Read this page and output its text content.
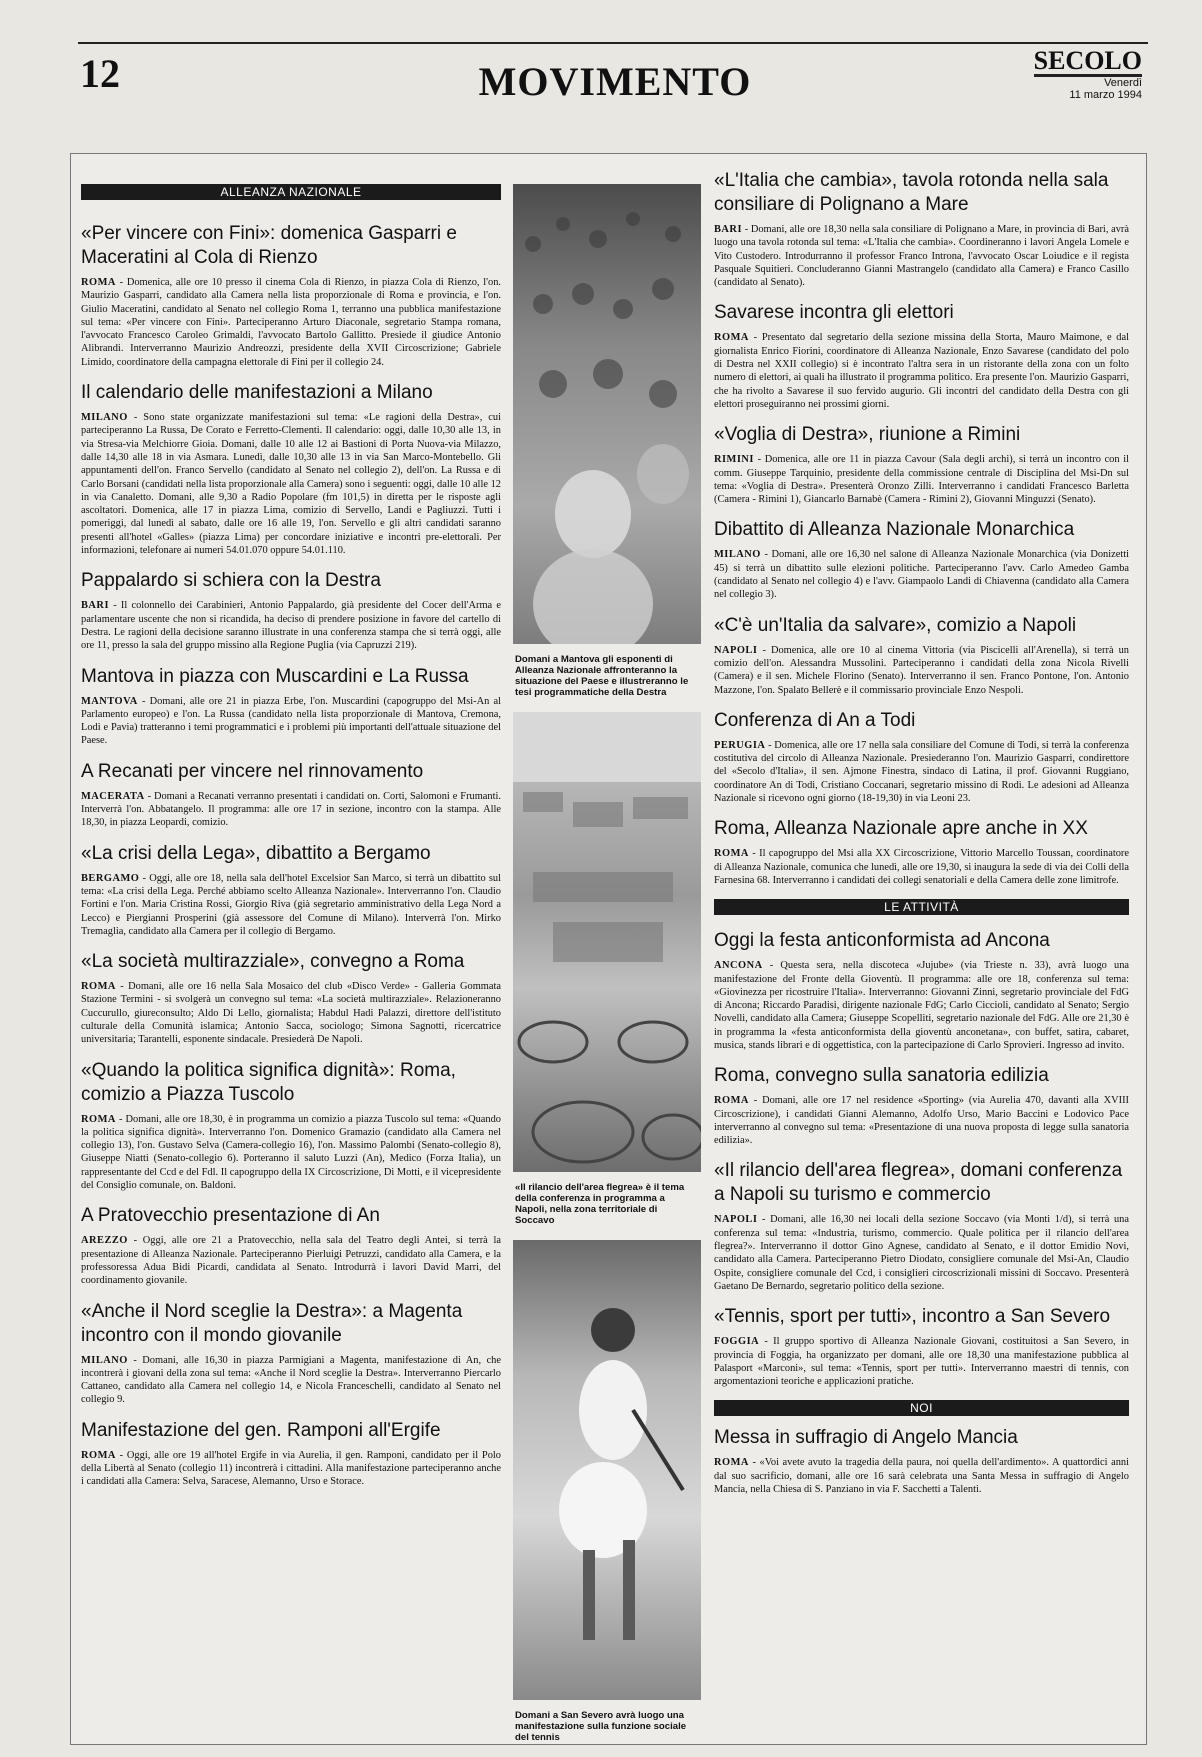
12	MOVIMENTO	SECOLO
Venerdì
11 marzo 1994
ALLEANZA NAZIONALE
«Per vincere con Fini»: domenica Gasparri e Maceratini al Cola di Rienzo

ROMA - Domenica, alle ore 10 presso il cinema Cola di Rienzo, in piazza Cola di Rienzo, l'on. Maurizio Gasparri, candidato alla Camera nella lista proporzionale di Roma e provincia, e l'on. Giulio Maceratini, candidato al Senato nel collegio Roma 1, terranno una pubblica manifestazione sul tema: «Per vincere con Fini». Parteciperanno Arturo Diaconale, segretario Stampa romana, l'avvocato Francesco Caroleo Grimaldi, l'avvocato Bartolo Gallitto. Presiede il giudice Antonio Alibrandi. Interverranno Maurizio Andreozzi, presidente della XVII Circoscrizione; Gabriele Limido, coordinatore della campagna elettorale di Fini per il collegio 24.

Il calendario delle manifestazioni a Milano

MILANO - Sono state organizzate manifestazioni sul tema: «Le ragioni della Destra», cui parteciperanno La Russa, De Corato e Ferretto-Clementi. Il calendario: oggi, dalle 10,30 alle 13, in via Stresa-via Melchiorre Gioia. Domani, dalle 10 alle 12 ai Bastioni di Porta Nuova-via Milazzo, dalle 14,30 alle 18 in via Asmara. Lunedì, dalle 10,30 alle 13 in via San Marco-Montebello. Gli appuntamenti dell'on. Franco Servello (candidato al Senato nel collegio 2), dell'on. La Russa e di Carlo Borsani (candidati nella lista proporzionale alla Camera) sono i seguenti: oggi, dalle 10 alle 12 in via Canaletto. Domani, alle 9,30 a Radio Popolare (fm 101,5) in diretta per le risposte agli ascoltatori. Domenica, alle 17 in piazza Lima, comizio di Servello, Landi e Pagliuzzi. Tutti i pomeriggi, dal lunedì al sabato, dalle ore 16 alle 19, l'on. Servello e gli altri candidati saranno presenti all'hotel «Galles» (piazza Lima) per concordare iniziative e incontri pre-elettorali. Per informazioni, telefonare ai numeri 54.01.070 oppure 54.01.110.

Pappalardo si schiera con la Destra

BARI - Il colonnello dei Carabinieri, Antonio Pappalardo, già presidente del Cocer dell'Arma e parlamentare uscente che non si ricandida, ha deciso di prendere posizione in favore del cartello di Destra. Le ragioni della decisione saranno illustrate in una conferenza stampa che si terrà oggi, alle ore 11, presso la sala del gruppo missino alla Regione Puglia (via Capruzzi 219).

Mantova in piazza con Muscardini e La Russa

MANTOVA - Domani, alle ore 21 in piazza Erbe, l'on. Muscardini (capogruppo del Msi-An al Parlamento europeo) e l'on. La Russa (candidato nella lista proporzionale di Mantova, Cremona, Lodi e Pavia) tratteranno i temi programmatici e i problemi più importanti dell'attuale situazione del Paese.

A Recanati per vincere nel rinnovamento

MACERATA - Domani a Recanati verranno presentati i candidati on. Corti, Salomoni e Frumanti. Interverrà l'on. Abbatangelo. Il programma: alle ore 17 in sezione, incontro con la stampa. Alle 18,30, in piazza Leopardi, comizio.

«La crisi della Lega», dibattito a Bergamo

BERGAMO - Oggi, alle ore 18, nella sala dell'hotel Excelsior San Marco, si terrà un dibattito sul tema: «La crisi della Lega. Perché abbiamo scelto Alleanza Nazionale». Interverranno l'on. Claudio Fortini e l'on. Maria Cristina Rossi, Giorgio Riva (già segretario amministrativo della Lega Nord a Lecco) e Piergianni Prosperini (già assessore del Comune di Milano). Interverrà l'on. Mirko Tremaglia, candidato alla Camera per il collegio di Bergamo.

«La società multirazziale», convegno a Roma

ROMA - Domani, alle ore 16 nella Sala Mosaico del club «Disco Verde» - Galleria Gommata Stazione Termini - si svolgerà un convegno sul tema: «La società multirazziale». Relazioneranno Cuccurullo, giureconsulto; Aldo Di Lello, giornalista; Habdul Hadi Palazzi, direttore dell'istituto culturale della Comunità islamica; Antonio Sacca, sociologo; Simona Sagnotti, ricercatrice universitaria; Tarantelli, esponente sindacale. Presiederà De Napoli.

«Quando la politica significa dignità»: Roma, comizio a Piazza Tuscolo

ROMA - Domani, alle ore 18,30, è in programma un comizio a piazza Tuscolo sul tema: «Quando la politica significa dignità». Interverranno l'on. Domenico Gramazio (candidato alla Camera nel collegio 13), l'on. Gustavo Selva (Camera-collegio 16), l'on. Massimo Palombi (Senato-collegio 8), Giuseppe Niatti (Senato-collegio 6). Porteranno il saluto Luzzi (An), Medico (Forza Italia), un rappresentante del Ccd e del Fdl. Il capogruppo della IX Circoscrizione, Di Motti, e il vicepresidente del Consiglio comunale, on. Baldoni.

A Pratovecchio presentazione di An

AREZZO - Oggi, alle ore 21 a Pratovecchio, nella sala del Teatro degli Antei, si terrà la presentazione di Alleanza Nazionale. Parteciperanno Pierluigi Petruzzi, candidato alla Camera, e la professoressa Adua Bidi Picardi, candidata al Senato. Introdurrà i lavori David Marri, del coordinamento giovanile.

«Anche il Nord sceglie la Destra»: a Magenta incontro con il mondo giovanile

MILANO - Domani, alle 16,30 in piazza Parmigiani a Magenta, manifestazione di An, che incontrerà i giovani della zona sul tema: «Anche il Nord sceglie la Destra». Interverranno Piercarlo Cattaneo, candidato alla Camera nel collegio 14, e Nicola Franceschelli, candidato al Senato nel collegio 9.

Manifestazione del gen. Ramponi all'Ergife

ROMA - Oggi, alle ore 19 all'hotel Ergife in via Aurelia, il gen. Ramponi, candidato per il Polo della Libertà al Senato (collegio 11) incontrerà i cittadini. Alla manifestazione parteciperanno anche i candidati alla Camera: Selva, Saracese, Alemanno, Urso e Storace.

Domani a Mantova gli esponenti di Alleanza Nazionale affronteranno la situazione del Paese e illustreranno le tesi programmatiche della Destra
«Il rilancio dell'area flegrea» è il tema della conferenza in programma a Napoli, nella zona territoriale di Soccavo
Domani a San Severo avrà luogo una manifestazione sulla funzione sociale del tennis
«L'Italia che cambia», tavola rotonda nella sala consiliare di Polignano a Mare

BARI - Domani, alle ore 18,30 nella sala consiliare di Polignano a Mare, in provincia di Bari, avrà luogo una tavola rotonda sul tema: «L'Italia che cambia». Coordineranno i lavori Angela Lomele e Vito Custodero. Introdurranno il professor Franco Introna, l'avvocato Oscar Loiudice e il regista Pasquale Squitieri. Concluderanno Gianni Mastrangelo (candidato alla Camera) e Franco Casillo (candidato al Senato).

Savarese incontra gli elettori

ROMA - Presentato dal segretario della sezione missina della Storta, Mauro Maimone, e dal giornalista Enrico Fiorini, coordinatore di Alleanza Nazionale, Enzo Savarese (candidato del polo di Destra nel XXII collegio) si è incontrato l'altra sera in un ristorante della zona con un folto numero di elettori, ai quali ha illustrato il programma politico. Era presente l'on. Maurizio Gasparri, che ha rivolto a Savarese il suo fervido augurio. Gli incontri del candidato della Destra con gli elettori proseguiranno nei prossimi giorni.

«Voglia di Destra», riunione a Rimini

RIMINI - Domenica, alle ore 11 in piazza Cavour (Sala degli archi), si terrà un incontro con il comm. Giuseppe Tarquinio, presidente della commissione centrale di Disciplina del Msi-Dn sul tema: «Voglia di Destra». Presenterà Oronzo Zilli. Interverranno i candidati Francesco Barletta (Camera - Rimini 1), Giancarlo Barnabè (Camera - Rimini 2), Giovanni Minguzzi (Senato).

Dibattito di Alleanza Nazionale Monarchica

MILANO - Domani, alle ore 16,30 nel salone di Alleanza Nazionale Monarchica (via Donizetti 45) si terrà un dibattito sulle elezioni politiche. Parteciperanno l'avv. Carlo Amedeo Gamba (candidato al Senato nel collegio 4) e l'avv. Giampaolo Landi di Chiavenna (candidato alla Camera nel collegio 3).

«C'è un'Italia da salvare», comizio a Napoli

NAPOLI - Domenica, alle ore 10 al cinema Vittoria (via Piscicelli all'Arenella), si terrà un comizio dell'on. Alessandra Mussolini. Parteciperanno i candidati della zona Nicola Rivelli (Camera) e il sen. Michele Florino (Senato). Interverranno il sen. Franco Pontone, l'on. Antonio Mazzone, l'on. Spalato Bellerè e il commissario provinciale Enzo Nespoli.

Conferenza di An a Todi

PERUGIA - Domenica, alle ore 17 nella sala consiliare del Comune di Todi, si terrà la conferenza costitutiva del circolo di Alleanza Nazionale. Presiederanno l'on. Maurizio Gasparri, condirettore del «Secolo d'Italia», il sen. Ajmone Finestra, sindaco di Latina, il prof. Giovanni Ruggiano, coordinatore An di Todi, Cristiano Coccanari, segretario missino di Rodi. Le adesioni ad Alleanza Nazionale si ricevono ogni giorno (18-19,30) in via Leoni 23.

Roma, Alleanza Nazionale apre anche in XX

ROMA - Il capogruppo del Msi alla XX Circoscrizione, Vittorio Marcello Toussan, coordinatore di Alleanza Nazionale, comunica che lunedì, alle ore 19,30, si inaugura la sede di via dei Colli della Farnesina 68. Interverranno i candidati dei collegi senatoriali e della Camera delle zone limitrofe.

LE ATTIVITÀ
Oggi la festa anticonformista ad Ancona

ANCONA - Questa sera, nella discoteca «Jujube» (via Trieste n. 33), avrà luogo una manifestazione del Fronte della Gioventù. Il programma: alle ore 18, conferenza sul tema: «Giovinezza per ricostruire l'Italia». Interverranno: Giovanni Zinni, segretario provinciale del FdG di Ancona; Riccardo Paradisi, dirigente nazionale FdG; Carlo Ciccioli, candidato al Senato; Sergio Novelli, candidato alla Camera; Giuseppe Scopelliti, segretario nazionale del FdG. Alle ore 21,30 è in programma la «festa anticonformista della gioventù anconetana», con buffet, satira, cabaret, musica, stands librari e di oggettistica, con la partecipazione di Carlo Sprovieri. Ingresso ad invito.

Roma, convegno sulla sanatoria edilizia

ROMA - Domani, alle ore 17 nel residence «Sporting» (via Aurelia 470, davanti alla XVIII Circoscrizione), i candidati Gianni Alemanno, Adolfo Urso, Mario Baccini e Lodovico Pace interverranno al convegno sul tema: «Presentazione di una nuova proposta di legge sulla sanatoria edilizia».

«Il rilancio dell'area flegrea», domani conferenza a Napoli su turismo e commercio

NAPOLI - Domani, alle 16,30 nei locali della sezione Soccavo (via Monti 1/d), si terrà una conferenza sul tema: «Industria, turismo, commercio. Quale politica per il rilancio dell'area flegrea?». Interverranno il dottor Gino Agnese, candidato al Senato, e il dottor Emidio Novi, candidato alla Camera. Parteciperanno Pietro Diodato, consigliere comunale del Msi-An, Claudio Ospite, consigliere comunale del Ccd, i consiglieri circoscrizionali missini di Soccavo. Presenterà Gaetano De Bernardo, segretario politico della sezione.

«Tennis, sport per tutti», incontro a San Severo

FOGGIA - Il gruppo sportivo di Alleanza Nazionale Giovani, costituitosi a San Severo, in provincia di Foggia, ha organizzato per domani, alle ore 18,30 una manifestazione pubblica al Palasport «Marconi», sul tema: «Tennis, sport per tutti». Interverranno maestri di tennis, con argomentazioni teoriche e applicazioni pratiche.

NOI
Messa in suffragio di Angelo Mancia

ROMA - «Voi avete avuto la tragedia della paura, noi quella dell'ardimento». A quattordici anni dal suo sacrificio, domani, alle ore 16 sarà celebrata una Santa Messa in suffragio di Angelo Mancia, nella Chiesa di S. Panziano in via F. Sacchetti a Talenti.
